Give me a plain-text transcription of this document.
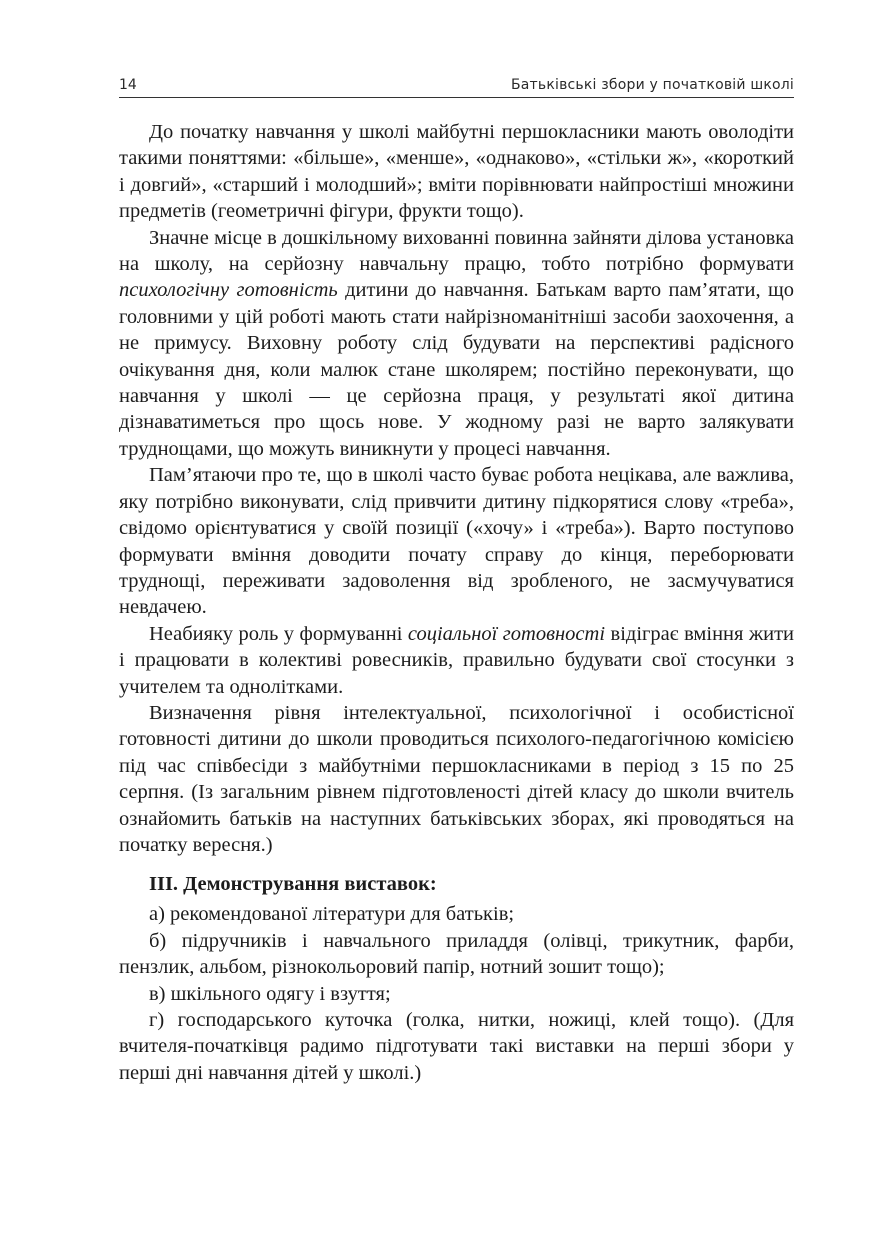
14	Батьківські збори у початковій школі

До початку навчання у школі майбутні першокласники мають оволодіти такими поняттями: «більше», «менше», «однаково», «стільки ж», «короткий і довгий», «старший і молодший»; вміти порівнювати найпростіші множини предметів (геометричні фігури, фрукти тощо).

Значне місце в дошкільному вихованні повинна зайняти ділова установка на школу, на серйозну навчальну працю, тобто потрібно формувати психологічну готовність дитини до навчання. Батькам варто пам’ятати, що головними у цій роботі мають стати найрізноманітніші засоби заохочення, а не примусу. Виховну роботу слід будувати на перспективі радісного очікування дня, коли малюк стане школярем; постійно переконувати, що навчання у школі — це серйозна праця, у результаті якої дитина дізнаватиметься про щось нове. У жодному разі не варто залякувати труднощами, що можуть виникнути у процесі навчання.

Пам’ятаючи про те, що в школі часто буває робота нецікава, але важлива, яку потрібно виконувати, слід привчити дитину підкорятися слову «треба», свідомо орієнтуватися у своїй позиції («хочу» і «треба»). Варто поступово формувати вміння доводити почату справу до кінця, переборювати труднощі, переживати задоволення від зробленого, не засмучуватися невдачею.

Неабияку роль у формуванні соціальної готовності відіграє вміння жити і працювати в колективі ровесників, правильно будувати свої стосунки з учителем та однолітками.

Визначення рівня інтелектуальної, психологічної і особистісної готовності дитини до школи проводиться психолого-педагогічною комісією під час співбесіди з майбутніми першокласниками в період з 15 по 25 серпня. (Із загальним рівнем підготовленості дітей класу до школи вчитель ознайомить батьків на наступних батьківських зборах, які проводяться на початку вересня.)

ІІІ. Демонстрування виставок:

а) рекомендованої літератури для батьків;

б) підручників і навчального приладдя (олівці, трикутник, фарби, пензлик, альбом, різнокольоровий папір, нотний зошит тощо);

в) шкільного одягу і взуття;

г) господарського куточка (голка, нитки, ножиці, клей тощо). (Для вчителя-початківця радимо підготувати такі виставки на перші збори у перші дні навчання дітей у школі.)
